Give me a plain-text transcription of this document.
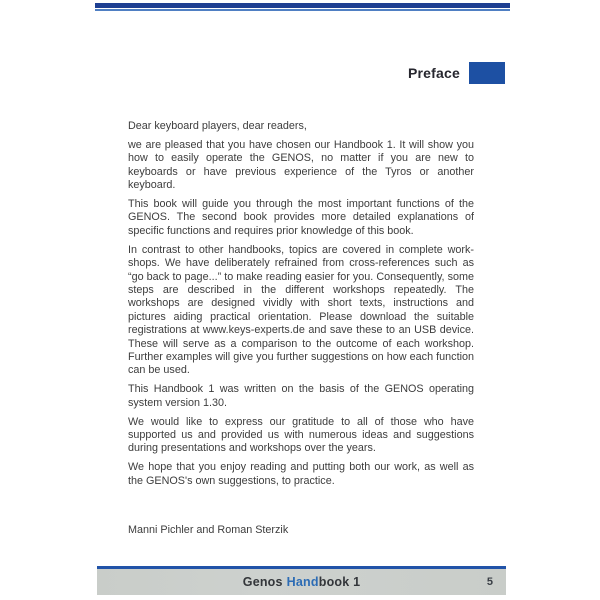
Preface

Dear keyboard players, dear readers,

we are pleased that you have chosen our Handbook 1. It will show you how to easily operate the GENOS, no matter if you are new to keyboards or have previous experience of the Tyros or another keyboard.

This book will guide you through the most important functions of the GENOS. The second book provides more detailed explanations of specific functions and requires prior knowledge of this book.

In contrast to other handbooks, topics are covered in complete workshops. We have deliberately refrained from cross-references such as “go back to page...” to make reading easier for you. Consequently, some steps are described in the different workshops repeatedly. The workshops are designed vividly with short texts, instructions and pictures aiding practical orientation. Please download the suitable registrations at www.keys-experts.de and save these to an USB device. These will serve as a comparison to the outcome of each workshop. Further examples will give you further suggestions on how each function can be used.

This Handbook 1 was written on the basis of the GENOS operating system version 1.30.

We would like to express our gratitude to all of those who have supported us and provided us with numerous ideas and suggestions during presentations and workshops over the years.

We hope that you enjoy reading and putting both our work, as well as the GENOS's own suggestions, to practice.

Manni Pichler and Roman Sterzik
Genos Handbook 1	5
